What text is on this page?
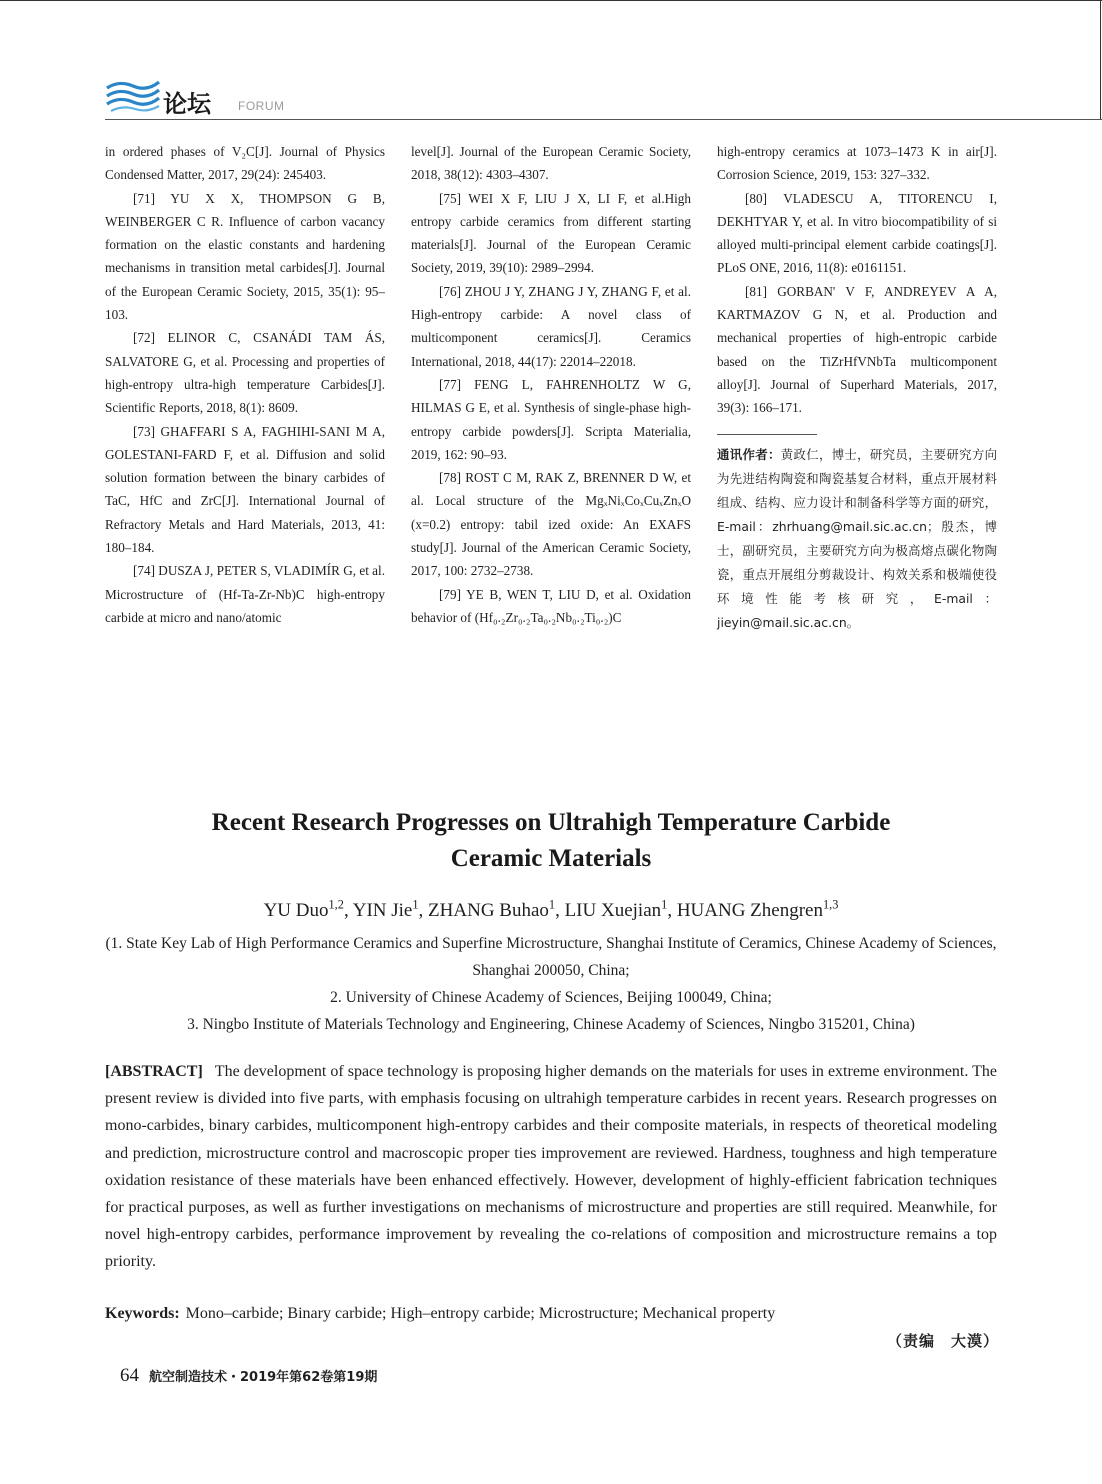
论坛 FORUM

in ordered phases of V₂C[J]. Journal of Physics Condensed Matter, 2017, 29(24): 245403.

[71] YU X X, THOMPSON G B, WEINBERGER C R. Influence of carbon vacancy formation on the elastic constants and hardening mechanisms in transition metal carbides[J]. Journal of the European Ceramic Society, 2015, 35(1): 95–103.

[72] ELINOR C, CSANÁDI TAM ÁS, SALVATORE G, et al. Processing and properties of high-entropy ultra-high temperature Carbides[J]. Scientific Reports, 2018, 8(1): 8609.

[73] GHAFFARI S A, FAGHIHI-SANI M A, GOLESTANI-FARD F, et al. Diffusion and solid solution formation between the binary carbides of TaC, HfC and ZrC[J]. International Journal of Refractory Metals and Hard Materials, 2013, 41: 180–184.

[74] DUSZA J, PETER S, VLADIMÍR G, et al. Microstructure of (Hf-Ta-Zr-Nb)C high-entropy carbide at micro and nano/atomic

level[J]. Journal of the European Ceramic Society, 2018, 38(12): 4303–4307.

[75] WEI X F, LIU J X, LI F, et al.High entropy carbide ceramics from different starting materials[J]. Journal of the European Ceramic Society, 2019, 39(10): 2989–2994.

[76] ZHOU J Y, ZHANG J Y, ZHANG F, et al. High-entropy carbide: A novel class of multicomponent ceramics[J]. Ceramics International, 2018, 44(17): 22014–22018.

[77] FENG L, FAHRENHOLTZ W G, HILMAS G E, et al. Synthesis of single-phase high-entropy carbide powders[J]. Scripta Materialia, 2019, 162: 90–93.

[78] ROST C M, RAK Z, BRENNER D W, et al. Local structure of the MgₓNiₓCoₓCuₓZnₓO (x=0.2) entropy: tabil ized oxide: An EXAFS study[J]. Journal of the American Ceramic Society, 2017, 100: 2732–2738.

[79] YE B, WEN T, LIU D, et al. Oxidation behavior of (Hf₀.₂Zr₀.₂Ta₀.₂Nb₀.₂Ti₀.₂)C

high-entropy ceramics at 1073–1473 K in air[J]. Corrosion Science, 2019, 153: 327–332.

[80] VLADESCU A, TITORENCU I, DEKHTYAR Y, et al. In vitro biocompatibility of si alloyed multi-principal element carbide coatings[J]. PLoS ONE, 2016, 11(8): e0161151.

[81] GORBAN' V F, ANDREYEV A A, KARTMAZOV G N, et al. Production and mechanical properties of high-entropic carbide based on the TiZrHfVNbTa multicomponent alloy[J]. Journal of Superhard Materials, 2017, 39(3): 166–171.

通讯作者：黄政仁，博士，研究员，主要研究方向为先进结构陶瓷和陶瓷基复合材料，重点开展材料组成、结构、应力设计和制备科学等方面的研究，E-mail：zhrhuang@mail.sic.ac.cn；殷杰，博士，副研究员，主要研究方向为极高熔点碳化物陶瓷，重点开展组分剪裁设计、构效关系和极端使役环境性能考核研究，E-mail：jieyin@mail.sic.ac.cn。
Recent Research Progresses on Ultrahigh Temperature Carbide
Ceramic Materials
YU Duo$^{1,2}$, YIN Jie$^1$, ZHANG Buhao$^1$, LIU Xuejian$^1$, HUANG Zhengren$^{1,3}$
(1. State Key Lab of High Performance Ceramics and Superfine Microstructure, Shanghai Institute of Ceramics, Chinese Academy of Sciences, Shanghai 200050, China;
2. University of Chinese Academy of Sciences, Beijing 100049, China;
3. Ningbo Institute of Materials Technology and Engineering, Chinese Academy of Sciences, Ningbo 315201, China)
[ABSTRACT] The development of space technology is proposing higher demands on the materials for uses in extreme environment. The present review is divided into five parts, with emphasis focusing on ultrahigh temperature carbides in recent years. Research progresses on mono-carbides, binary carbides, multicomponent high-entropy carbides and their composite materials, in respects of theoretical modeling and prediction, microstructure control and macroscopic proper ties improvement are reviewed. Hardness, toughness and high temperature oxidation resistance of these materials have been enhanced effectively. However, development of highly-efficient fabrication techniques for practical purposes, as well as further investigations on mechanisms of microstructure and properties are still required. Meanwhile, for novel high-entropy carbides, performance improvement by revealing the co-relations of composition and microstructure remains a top priority.
Keywords: Mono–carbide; Binary carbide; High–entropy carbide; Microstructure; Mechanical property
（责编　大漠）
64 航空制造技术・2019年第62卷第19期
